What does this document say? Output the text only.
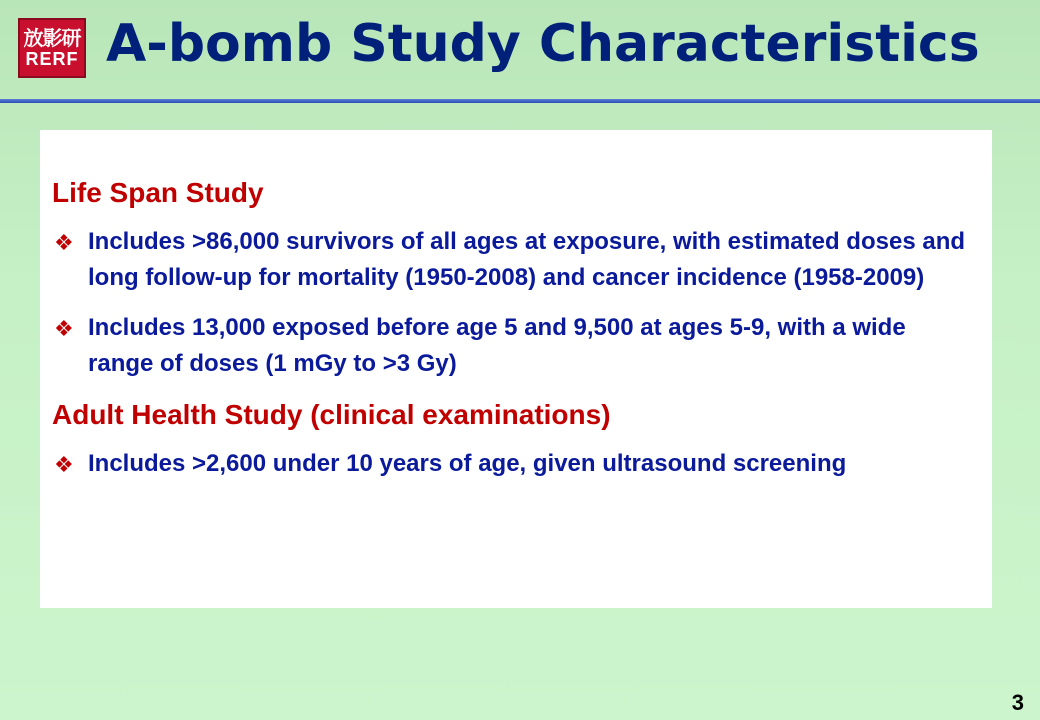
放影研
RERF A-bomb Study Characteristics
Life Span Study
❖ Includes >86,000 survivors of all ages at exposure, with estimated doses and long follow-up for mortality (1950-2008) and cancer incidence (1958-2009)
❖ Includes 13,000 exposed before age 5 and 9,500 at ages 5-9, with a wide range of doses (1 mGy to >3 Gy)
Adult Health Study (clinical examinations)
❖ Includes >2,600 under 10 years of age, given ultrasound screening
3
